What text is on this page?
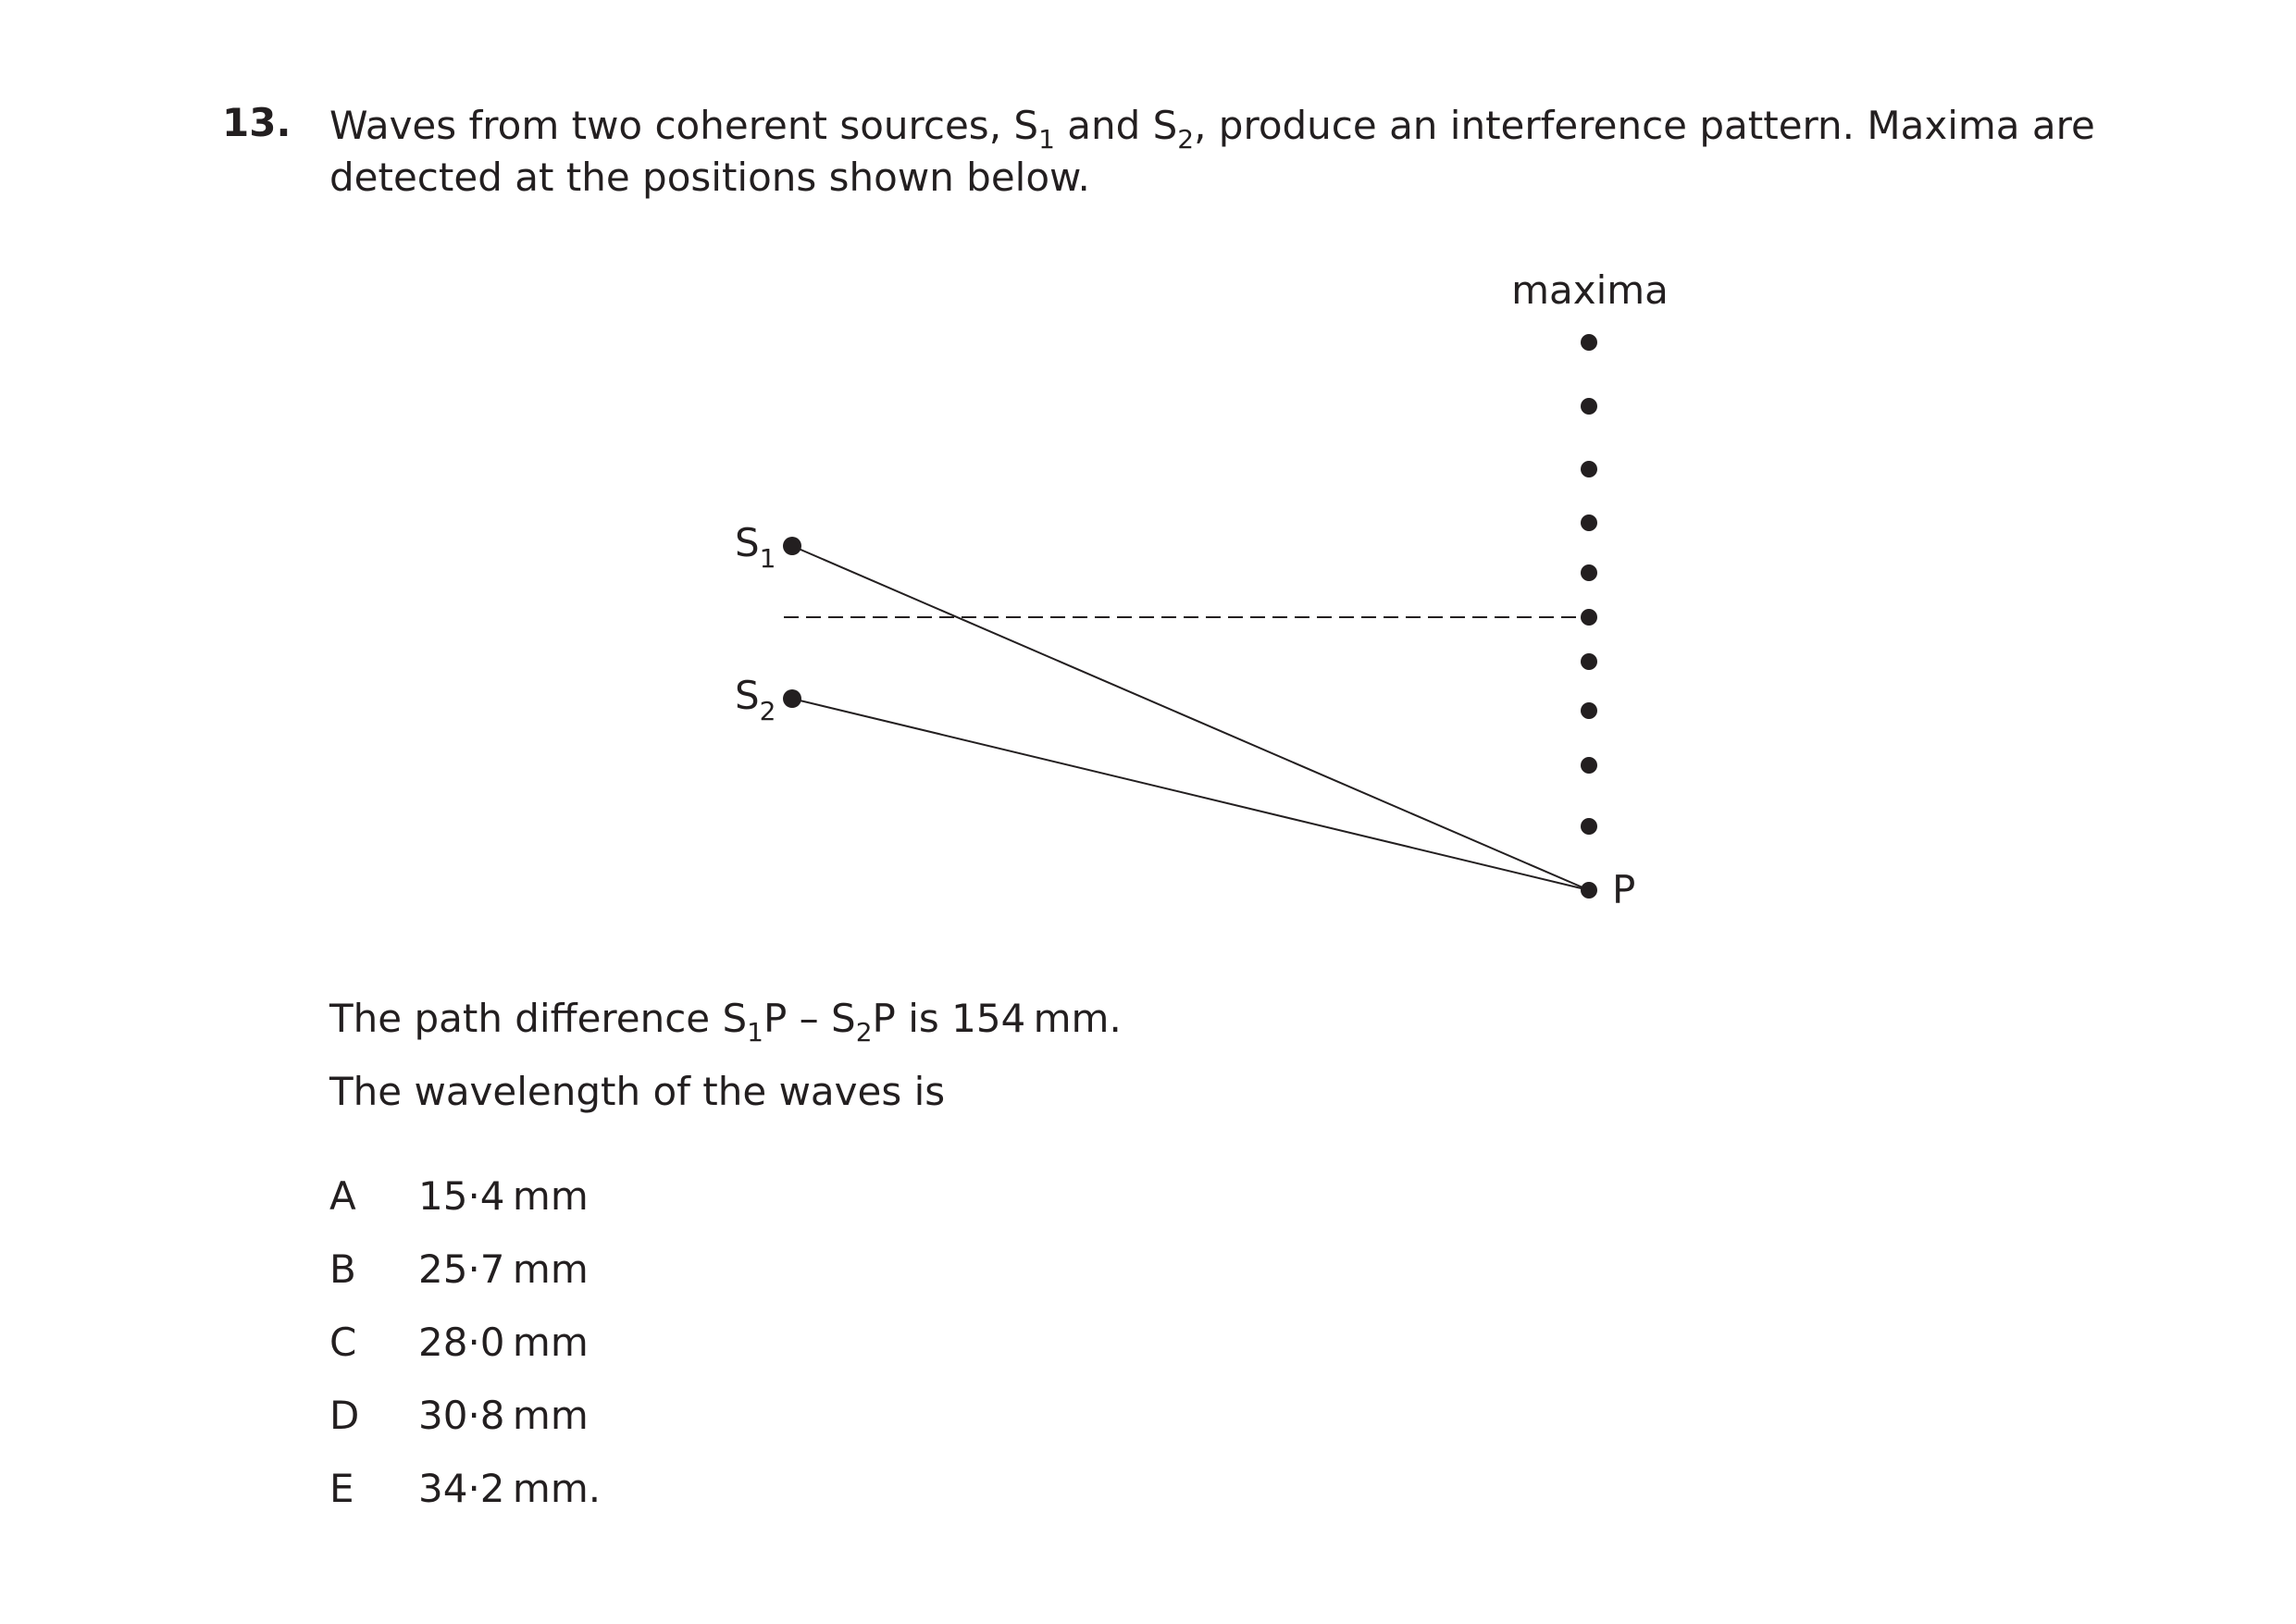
13. Waves from two coherent sources, $S_1$ and $S_2$, produce an interference pattern. Maxima are
detected at the positions shown below.
maxima
$S_1$
$S_2$
P
The path difference $S_1P - S_2P$ is 154 mm.
The wavelength of the waves is
A	15·4 mm
B	25·7 mm
C	28·0 mm
D	30·8 mm
E	34·2 mm.
